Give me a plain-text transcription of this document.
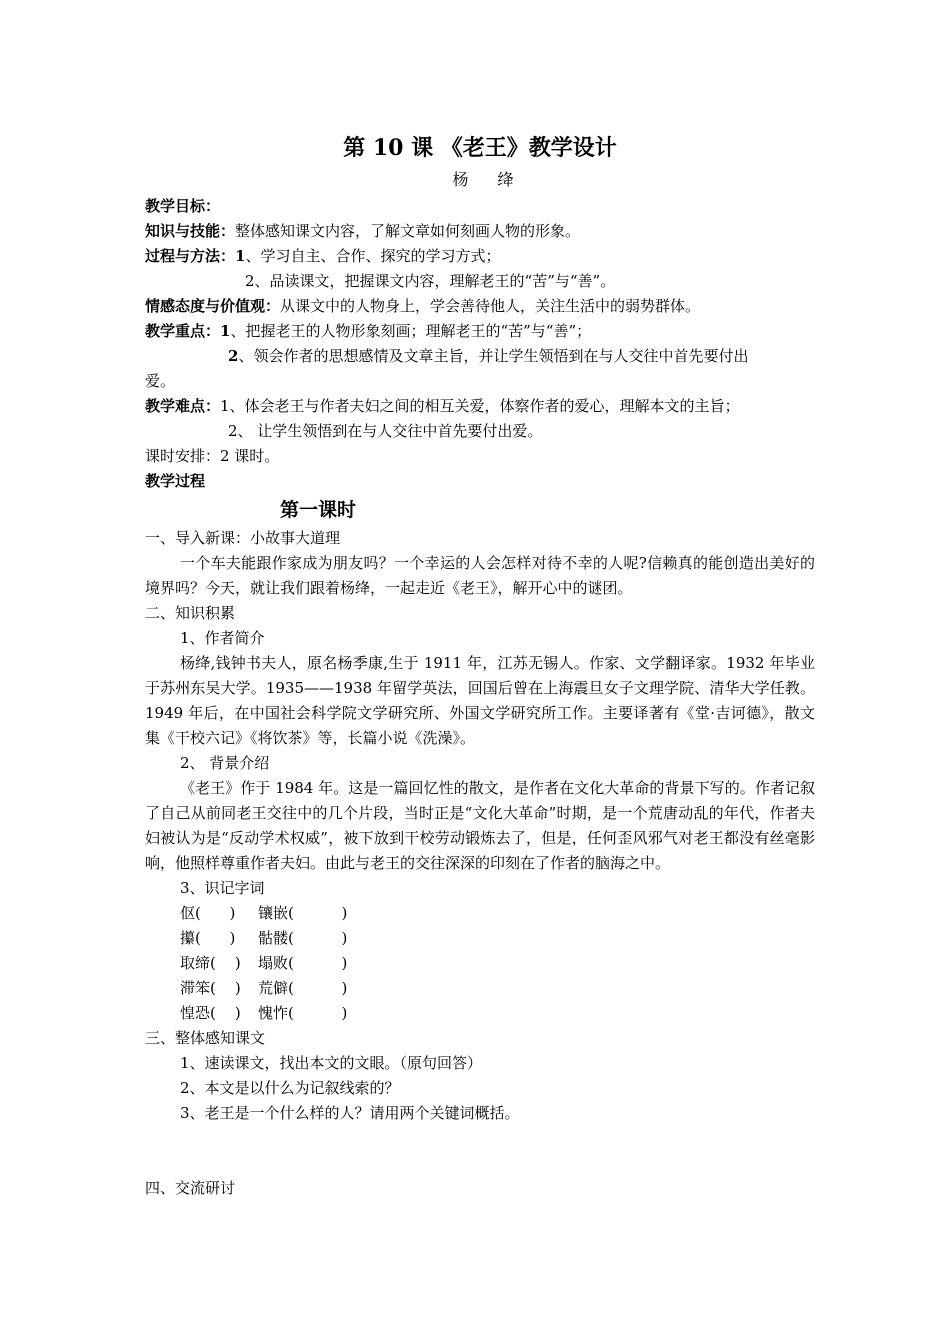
第 10 课 《老王》教学设计
杨 绛
教学目标：
知识与技能：整体感知课文内容，了解文章如何刻画人物的形象。
过程与方法：1、学习自主、合作、探究的学习方式；
2、品读课文，把握课文内容，理解老王的“苦”与“善”。
情感态度与价值观：从课文中的人物身上，学会善待他人，关注生活中的弱势群体。
教学重点：1、把握老王的人物形象刻画；理解老王的“苦”与“善”；
2、领会作者的思想感情及文章主旨，并让学生领悟到在与人交往中首先要付出
爱。
教学难点：1、体会老王与作者夫妇之间的相互关爱，体察作者的爱心，理解本文的主旨；
2、 让学生领悟到在与人交往中首先要付出爱。
课时安排：2 课时。
教学过程
第一课时
一、导入新课：小故事大道理
一个车夫能跟作家成为朋友吗？一个幸运的人会怎样对待不幸的人呢?信赖真的能创造出美好的境界吗？今天，就让我们跟着杨绛，一起走近《老王》，解开心中的谜团。
二、知识积累
1、作者简介
杨绛,钱钟书夫人，原名杨季康,生于 1911 年，江苏无锡人。作家、文学翻译家。1932 年毕业于苏州东吴大学。1935——1938 年留学英法，回国后曾在上海震旦女子文理学院、清华大学任教。1949 年后，在中国社会科学院文学研究所、外国文学研究所工作。主要译著有《堂·吉诃德》，散文集《干校六记》《将饮茶》等，长篇小说《洗澡》。
2、 背景介绍
《老王》作于 1984 年。这是一篇回忆性的散文，是作者在文化大革命的背景下写的。作者记叙了自己从前同老王交往中的几个片段，当时正是“文化大革命”时期，是一个荒唐动乱的年代，作者夫妇被认为是“反动学术权威”，被下放到干校劳动锻炼去了，但是，任何歪风邪气对老王都没有丝毫影响，他照样尊重作者夫妇。由此与老王的交往深深的印刻在了作者的脑海之中。
3、识记字词
伛(      ) 镶嵌(          )
攥(      ) 骷髅(          )
取缔(    ) 塌败(          )
滞笨(    ) 荒僻(          )
惶恐(    ) 愧怍(          )
三、整体感知课文
1、速读课文，找出本文的文眼。（原句回答）
2、本文是以什么为记叙线索的？
3、老王是一个什么样的人？请用两个关键词概括。
四、交流研讨
